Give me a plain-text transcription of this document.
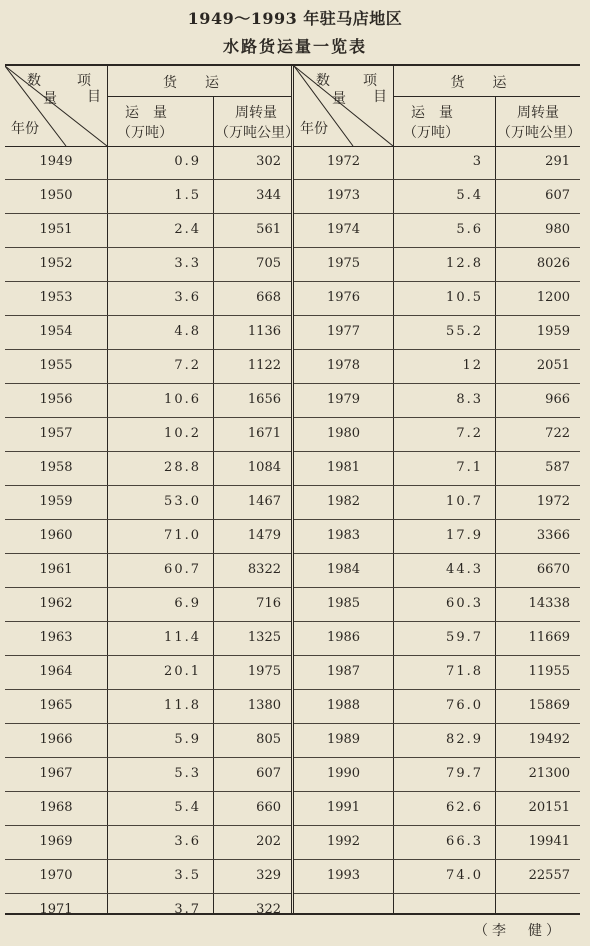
1949～1993 年驻马店地区
水路货运量一览表
数
量
项
目
年份
货　　运
运　量
（万吨）
周转量
（万吨公里）
1949	0.9	302
1950	1.5	344
1951	2.4	561
1952	3.3	705
1953	3.6	668
1954	4.8	1136
1955	7.2	1122
1956	10.6	1656
1957	10.2	1671
1958	28.8	1084
1959	53.0	1467
1960	71.0	1479
1961	60.7	8322
1962	6.9	716
1963	11.4	1325
1964	20.1	1975
1965	11.8	1380
1966	5.9	805
1967	5.3	607
1968	5.4	660
1969	3.6	202
1970	3.5	329
1971	3.7	322
数
量
项
目
年份
货　　运
运　量
（万吨）
周转量
（万吨公里）
1972	3	291
1973	5.4	607
1974	5.6	980
1975	12.8	8026
1976	10.5	1200
1977	55.2	1959
1978	12	2051
1979	8.3	966
1980	7.2	722
1981	7.1	587
1982	10.7	1972
1983	17.9	3366
1984	44.3	6670
1985	60.3	14338
1986	59.7	11669
1987	71.8	11955
1988	76.0	15869
1989	82.9	19492
1990	79.7	21300
1991	62.6	20151
1992	66.3	19941
1993	74.0	22557
（李　健）
